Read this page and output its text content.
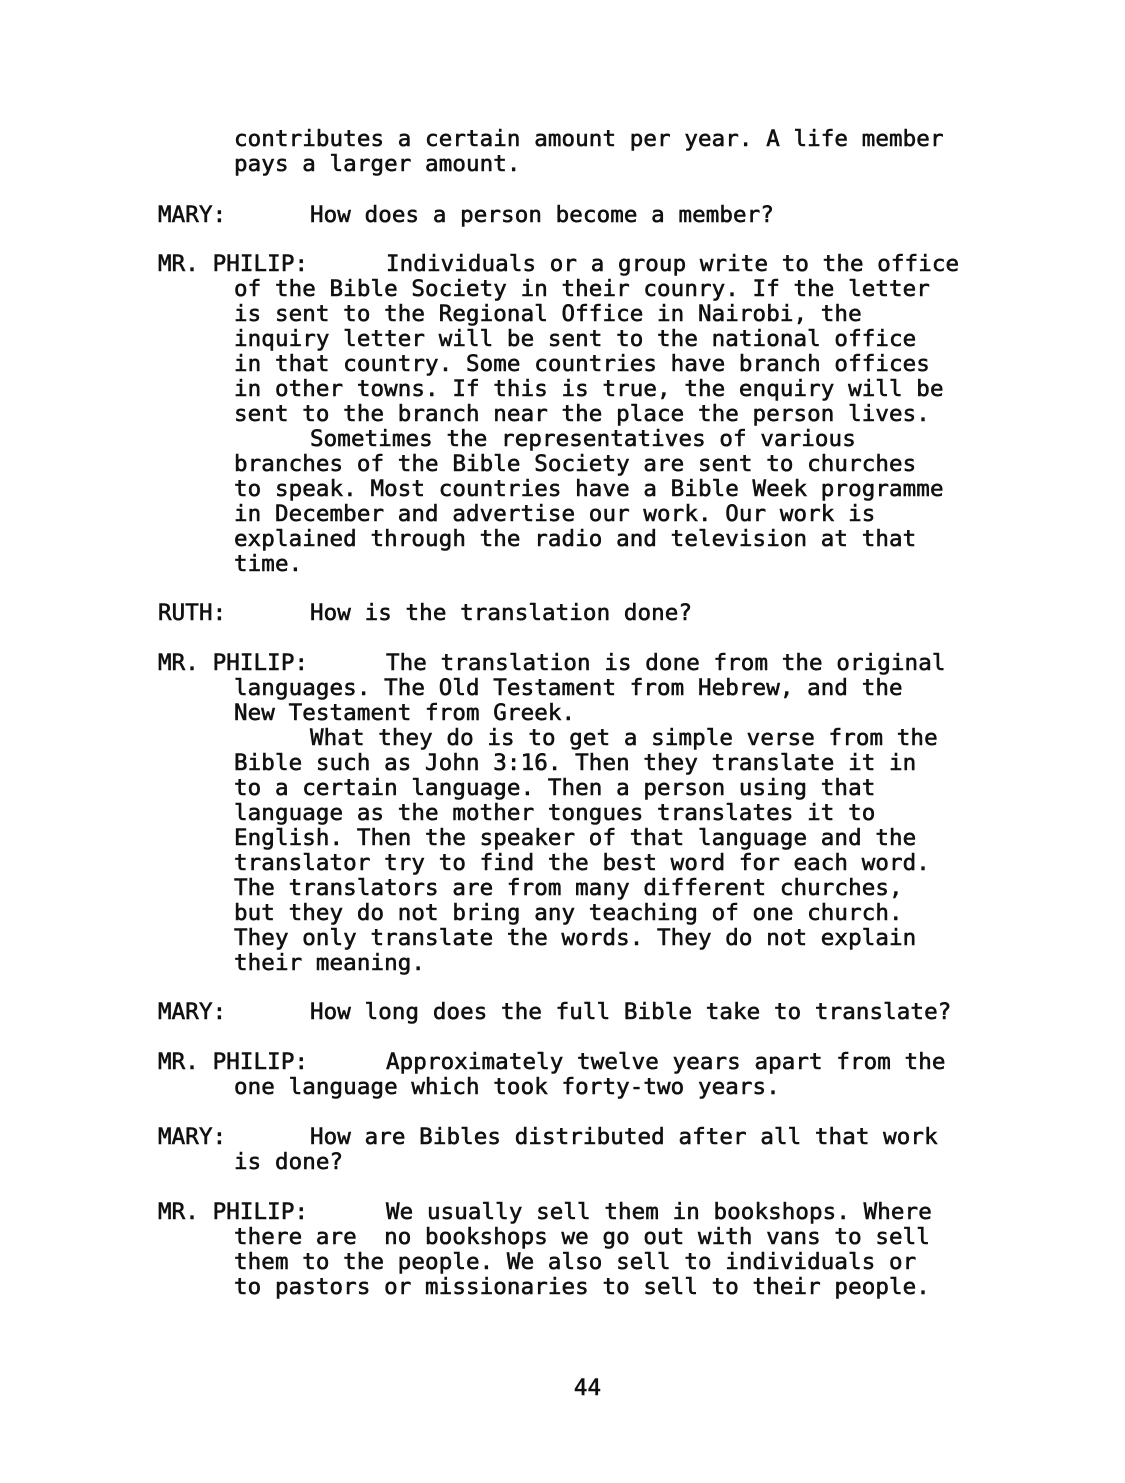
contributes a certain amount per year. A life member
pays a larger amount.
MARY:	How does a person become a member?
MR. PHILIP:	Individuals or a group write to the office
of the Bible Society in their counry. If the letter
is sent to the Regional Office in Nairobi, the
inquiry letter will be sent to the national office
in that country. Some countries have branch offices
in other towns. If this is true, the enquiry will be
sent to the branch near the place the person lives.
Sometimes the representatives of various
branches of the Bible Society are sent to churches
to speak. Most countries have a Bible Week programme
in December and advertise our work. Our work is
explained through the radio and television at that
time.
RUTH:	How is the translation done?
MR. PHILIP:	The translation is done from the original
languages. The Old Testament from Hebrew, and the
New Testament from Greek.
What they do is to get a simple verse from the
Bible such as John 3:16. Then they translate it in
to a certain language. Then a person using that
language as the mother tongues translates it to
English. Then the speaker of that language and the
translator try to find the best word for each word.
The translators are from many different churches,
but they do not bring any teaching of one church.
They only translate the words. They do not explain
their meaning.
MARY:	How long does the full Bible take to translate?
MR. PHILIP:	Approximately twelve years apart from the
one language which took forty-two years.
MARY:	How are Bibles distributed after all that work
is done?
MR. PHILIP:	We usually sell them in bookshops. Where
there are  no bookshops we go out with vans to sell
them to the people. We also sell to individuals or
to pastors or missionaries to sell to their people.
44
